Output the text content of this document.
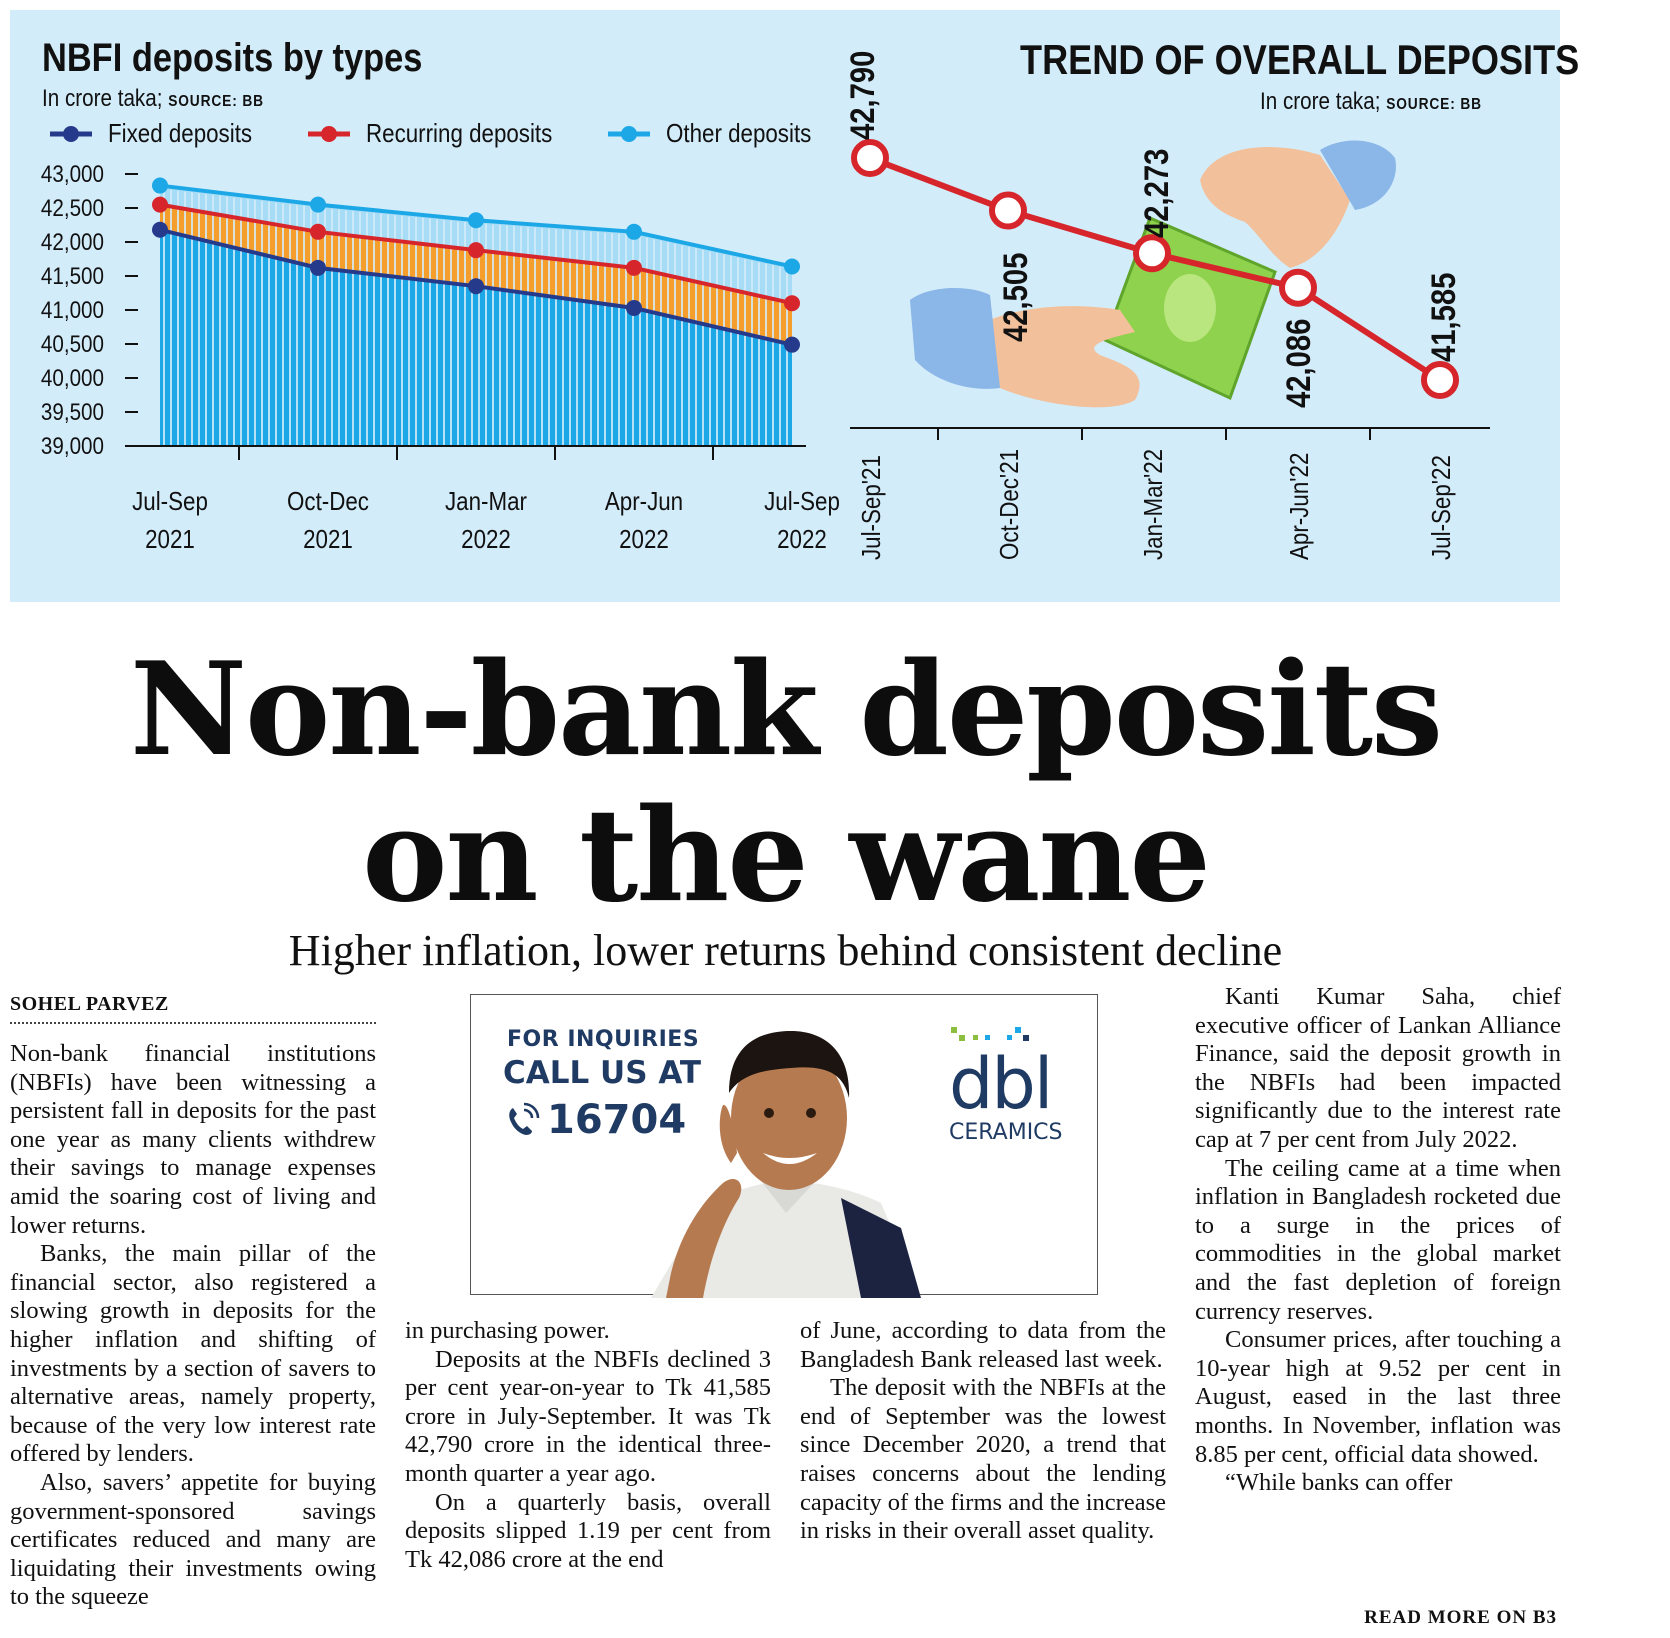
Fixed deposits	Recurring deposits	Other deposits
39,000
39,500
40,000
40,500
41,000
41,500
42,000
42,500
43,000
Jul-Sep
2021
Oct-Dec
2021
Jan-Mar
2022
Apr-Jun
2022
Jul-Sep
2022
42,790
42,505
42,273
42,086
41,585
Jul-Sep'21	Oct-Dec'21	Jan-Mar'22	Apr-Jun'22	Jul-Sep'22
NBFI deposits by types
In crore taka; SOURCE: BB
TREND OF OVERALL DEPOSITS
In crore taka; SOURCE: BB
Non-bank deposits
on the wane
Higher inflation, lower returns behind consistent decline
SOHEL PARVEZ

Non-bank financial institutions (NBFIs) have been witnessing a persistent fall in deposits for the past one year as many clients withdrew their savings to manage expenses amid the soaring cost of living and lower returns.

Banks, the main pillar of the financial sector, also registered a slowing growth in deposits for the higher inflation and shifting of investments by a section of savers to alternative areas, namely property, because of the very low interest rate offered by lenders.

Also, savers’ appetite for buying government-sponsored savings certificates reduced and many are liquidating their investments owing to the squeeze

in purchasing power.

Deposits at the NBFIs declined 3 per cent year-on-year to Tk 41,585 crore in July-September. It was Tk 42,790 crore in the identical three-month quarter a year ago.

On a quarterly basis, overall deposits slipped 1.19 per cent from Tk 42,086 crore at the end

of June, according to data from the Bangladesh Bank released last week.

The deposit with the NBFIs at the end of September was the lowest since December 2020, a trend that raises concerns about the lending capacity of the firms and the increase in risks in their overall asset quality.

Kanti Kumar Saha, chief executive officer of Lankan Alliance Finance, said the deposit growth in the NBFIs had been impacted significantly due to the interest rate cap at 7 per cent from July 2022.

The ceiling came at a time when inflation in Bangladesh rocketed due to a surge in the prices of commodities in the global market and the fast depletion of foreign currency reserves.

Consumer prices, after touching a 10-year high at 9.52 per cent in August, eased in the last three months. In November, inflation was 8.85 per cent, official data showed.

“While banks can offer

READ MORE ON B3
FOR INQUIRIES
CALL US AT
16704	dbl
CERAMICS
